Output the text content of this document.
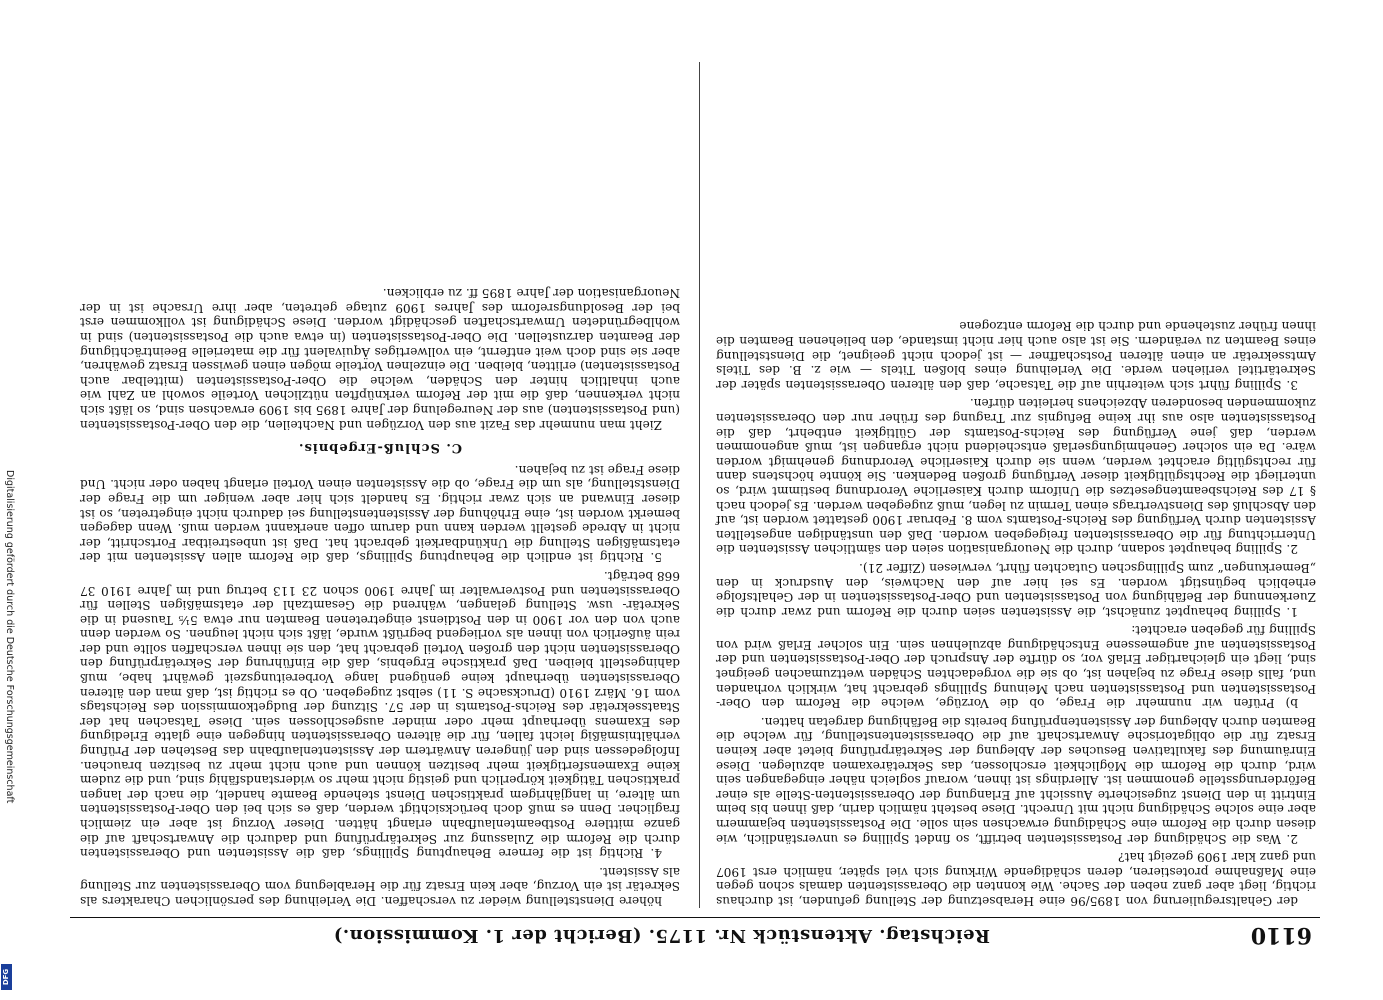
6110
Reichstag. Aktenstück Nr. 1175. (Bericht der 1. Kommission.)

der Gehaltsregulierung von 1895/96 eine Herabsetzung der Stellung gefunden, ist durchaus richtig, liegt aber ganz neben der Sache. Wie konnten die Oberassistenten damals schon gegen eine Maßnahme protestieren, deren schädigende Wirkung sich viel später, nämlich erst 1907 und ganz klar 1909 gezeigt hat?

2. Was die Schädigung der Postassistenten betrifft, so findet Spilling es unverständlich, wie diesen durch die Reform eine Schädigung erwachsen sein solle. Die Postassistenten bejammern aber eine solche Schädigung nicht mit Unrecht. Diese besteht nämlich darin, daß ihnen bis beim Eintritt in den Dienst zugesicherte Aussicht auf Erlangung der Oberassistenten-Stelle als einer Beförderungsstelle genommen ist. Allerdings ist ihnen, worauf sogleich näher eingegangen sein wird, durch die Reform die Möglichkeit erschlossen, das Sekretärexamen abzulegen. Diese Einräumung des fakultativen Besuches der Ablegung der Sekretärprüfung bietet aber keinen Ersatz für die obligatorische Anwartschaft auf die Oberassistentenstellung, für welche die Beamten durch Ablegung der Assistentenprüfung bereits die Befähigung dargetan hatten.

b) Prüfen wir nunmehr die Frage, ob die Vorzüge, welche die Reform den Ober-Postassistenten und Postassistenten nach Meinung Spillings gebracht hat, wirklich vorhanden und, falls diese Frage zu bejahen ist, ob sie die vorgedachten Schäden wettzumachen geeignet sind, liegt ein gleichartiger Erlaß vor, so dürfte der Anspruch der Ober-Postassistenten und der Postassistenten auf angemessene Entschädigung abzulehnen sein. Ein solcher Erlaß wird von Spilling für gegeben erachtet:

1. Spilling behauptet zunächst, die Assistenten seien durch die Reform und zwar durch die Zuerkennung der Befähigung von Postassistenten und Ober-Postassistenten in der Gehaltsfolge erheblich begünstigt worden. Es sei hier auf den Nachweis, den Ausdruck in den „Bemerkungen“ zum Spillingschen Gutachten führt, verwiesen (Ziffer 21).

2. Spilling behauptet sodann, durch die Neuorganisation seien den sämtlichen Assistenten die Unterrichtung für die Oberassistenten freigegeben worden. Daß den unständigen angestellten Assistenten durch Verfügung des Reichs-Postamts vom 8. Februar 1900 gestattet worden ist, auf den Abschluß des Dienstvertrags einen Termin zu legen, muß zugegeben werden. Es jedoch nach § 17 des Reichsbeamtengesetzes die Uniform durch Kaiserliche Verordnung bestimmt wird, so unterliegt die Rechtsgültigkeit dieser Verfügung großen Bedenken. Sie könnte höchstens dann für rechtsgültig erachtet werden, wenn sie durch Kaiserliche Verordnung genehmigt worden wäre. Da ein solcher Genehmigungserlaß entscheidend nicht ergangen ist, muß angenommen werden, daß jene Verfügung des Reichs-Postamts der Gültigkeit entbehrt, daß die Postassistenten also aus ihr keine Befugnis zur Tragung des früher nur den Oberassistenten zukommenden besonderen Abzeichens herleiten dürfen.

3. Spilling führt sich weiterhin auf die Tatsache, daß den älteren Oberassistenten später der Sekretärtitel verliehen werde. Die Verleihung eines bloßen Titels — wie z. B. des Titels Amtssekretär an einen älteren Postschaffner — ist jedoch nicht geeignet, die Dienststellung eines Beamten zu verändern. Sie ist also auch hier nicht imstande, den beliehenen Beamten die ihnen früher zustehende und durch die Reform entzogene

höhere Dienststellung wieder zu verschaffen. Die Verleihung des persönlichen Charakters als Sekretär ist ein Vorzug, aber kein Ersatz für die Herablegung vom Oberassistenten zur Stellung als Assistent.

4. Richtig ist die fernere Behauptung Spillings, daß die Assistenten und Oberassistenten durch die Reform die Zulassung zur Sekretärprüfung und dadurch die Anwartschaft auf die ganze mittlere Postbeamtenlaufbahn erlangt hätten. Dieser Vorzug ist aber ein ziemlich fraglicher. Denn es muß doch berücksichtigt werden, daß es sich bei den Ober-Postassistenten um ältere, in langjährigem praktischen Dienst stehende Beamte handelt, die nach der langen praktischen Tätigkeit körperlich und geistig nicht mehr so widerstandsfähig sind, und die zudem keine Examensfertigkeit mehr besitzen können und auch nicht mehr zu besitzen brauchen. Infolgedessen sind den jüngeren Anwärtern der Assistentenlaufbahn das Bestehen der Prüfung verhältnismäßig leicht fallen, für die älteren Oberassistenten hingegen eine glatte Erledigung des Examens überhaupt mehr oder minder ausgeschlossen sein. Diese Tatsachen hat der Staatssekretär des Reichs-Postamts in der 57. Sitzung der Budgetkommission des Reichstags vom 16. März 1910 (Drucksache S. 11) selbst zugegeben. Ob es richtig ist, daß man den älteren Oberassistenten überhaupt keine genügend lange Vorbereitungszeit gewährt habe, muß dahingestellt bleiben. Daß praktische Ergebnis, daß die Einführung der Sekretärprüfung den Oberassistenten nicht den großen Vorteil gebracht hat, den sie ihnen verschaffen sollte und der rein äußerlich von ihnen als vorliegend begrüßt wurde, läßt sich nicht leugnen. So werden denn auch von den vor 1900 in den Postdienst eingetretenen Beamten nur etwa 5⅕ Tausend in die Sekretär- usw. Stellung gelangen, während die Gesamtzahl der etatsmäßigen Stellen für Oberassistenten und Postverwalter im Jahre 1900 schon 23 113 betrug und im Jahre 1910 37 668 beträgt.

5. Richtig ist endlich die Behauptung Spillings, daß die Reform allen Assistenten mit der etatsmäßigen Stellung die Unkündbarkeit gebracht hat. Daß ist unbestreitbar Fortschritt, der nicht in Abrede gestellt werden kann und darum offen anerkannt werden muß. Wenn dagegen bemerkt worden ist, eine Erhöhung der Assistentenstellung sei dadurch nicht eingetreten, so ist dieser Einwand an sich zwar richtig. Es handelt sich hier aber weniger um die Frage der Dienststellung, als um die Frage, ob die Assistenten einen Vorteil erlangt haben oder nicht. Und diese Frage ist zu bejahen.

C. Schluß-Ergebnis.

Zieht man nunmehr das Fazit aus den Vorzügen und Nachteilen, die den Ober-Postassistenten (und Postassistenten) aus der Neuregelung der Jahre 1895 bis 1909 erwachsen sind, so läßt sich nicht verkennen, daß die mit der Reform verknüpften nützlichen Vorteile sowohl an Zahl wie auch inhaltlich hinter den Schäden, welche die Ober-Postassistenten (mittelbar auch Postassistenten) erlitten, bleiben. Die einzelnen Vorteile mögen einen gewissen Ersatz gewähren, aber sie sind doch weit entfernt, ein vollwertiges Äquivalent für die materielle Beeinträchtigung der Beamten darzustellen. Die Ober-Postassistenten (in etwa auch die Postassistenten) sind in wohlbegründeten Umwartschaften geschädigt worden. Diese Schädigung ist vollkommen erst bei der Besoldungsreform des Jahres 1909 zutage getreten, aber ihre Ursache ist in der Neuorganisation der Jahre 1895 ff. zu erblicken.

Digitalisierung gefördert durch die Deutsche Forschungsgemeinschaft
DFG
